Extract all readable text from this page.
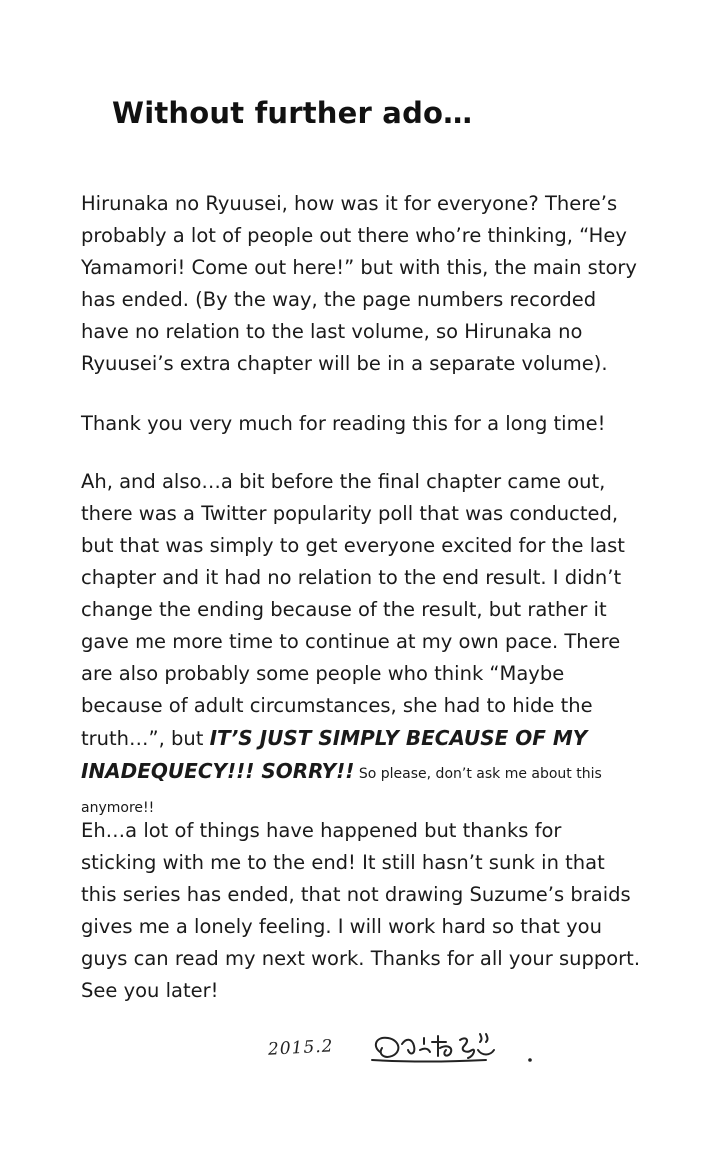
Without further ado…

Hirunaka no Ryuusei, how was it for everyone? There’s probably a lot of people out there who’re thinking, “Hey Yamamori! Come out here!” but with this, the main story has ended. (By the way, the page numbers recorded have no relation to the last volume, so Hirunaka no Ryuusei’s extra chapter will be in a separate volume).

Thank you very much for reading this for a long time!

Ah, and also…a bit before the final chapter came out, there was a Twitter popularity poll that was conducted, but that was simply to get everyone excited for the last chapter and it had no relation to the end result. I didn’t change the ending because of the result, but rather it gave me more time to continue at my own pace. There are also probably some people who think “Maybe because of adult circumstances, she had to hide the truth…”, but IT’S JUST SIMPLY BECAUSE OF MY INADEQUECY!!! SORRY!! So please, don’t ask me about this anymore!!

Eh…a lot of things have happened but thanks for sticking with me to the end! It still hasn’t sunk in that this series has ended, that not drawing Suzume’s braids gives me a lonely feeling. I will work hard so that you guys can read my next work. Thanks for all your support. See you later!

2015.2
